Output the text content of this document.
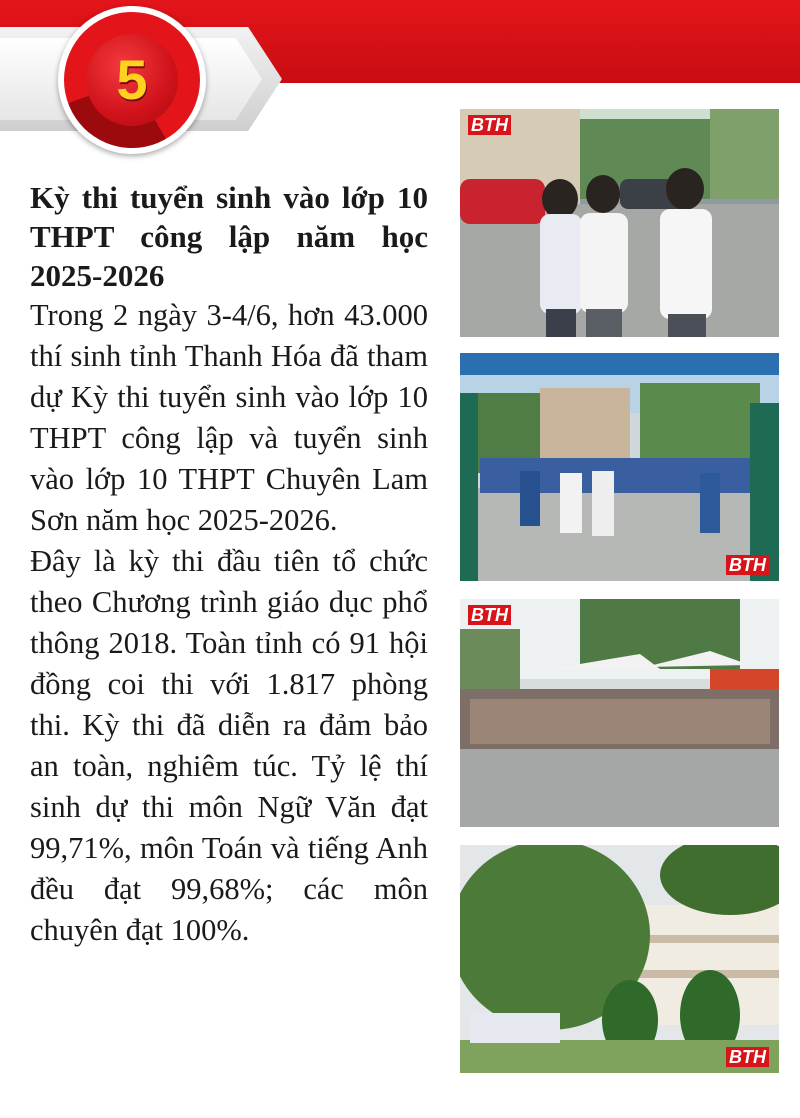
5
Kỳ thi tuyển sinh vào lớp 10 THPT công lập năm học 2025-2026

Trong 2 ngày 3-4/6, hơn 43.000 thí sinh tỉnh Thanh Hóa đã tham dự Kỳ thi tuyển sinh vào lớp 10 THPT công lập và tuyển sinh vào lớp 10 THPT Chuyên Lam Sơn năm học 2025-2026.

Đây là kỳ thi đầu tiên tổ chức theo Chương trình giáo dục phổ thông 2018. Toàn tỉnh có 91 hội đồng coi thi với 1.817 phòng thi. Kỳ thi đã diễn ra đảm bảo an toàn, nghiêm túc. Tỷ lệ thí sinh dự thi môn Ngữ Văn đạt 99,71%, môn Toán và tiếng Anh đều đạt 99,68%; các môn chuyên đạt 100%.

BTH
BTH
BTH
BTH
